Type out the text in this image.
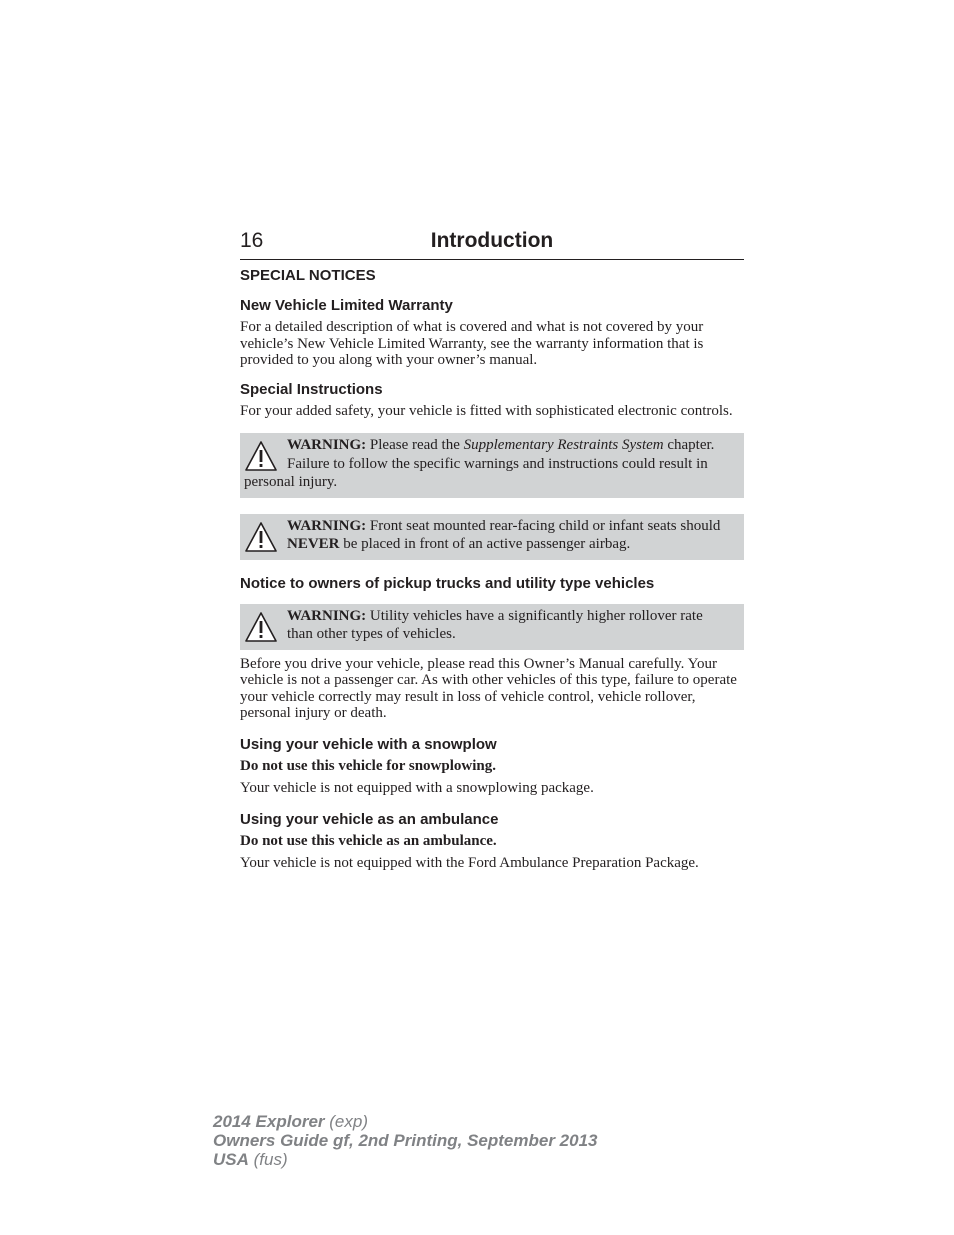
16	Introduction
SPECIAL NOTICES
New Vehicle Limited Warranty
For a detailed description of what is covered and what is not covered by your vehicle’s New Vehicle Limited Warranty, see the warranty information that is provided to you along with your owner’s manual.
Special Instructions
For your added safety, your vehicle is fitted with sophisticated electronic controls.
WARNING: Please read the Supplementary Restraints System chapter. Failure to follow the specific warnings and instructions could result in personal injury.
WARNING: Front seat mounted rear-facing child or infant seats should NEVER be placed in front of an active passenger airbag.
Notice to owners of pickup trucks and utility type vehicles
WARNING: Utility vehicles have a significantly higher rollover rate than other types of vehicles.
Before you drive your vehicle, please read this Owner’s Manual carefully. Your vehicle is not a passenger car. As with other vehicles of this type, failure to operate your vehicle correctly may result in loss of vehicle control, vehicle rollover, personal injury or death.
Using your vehicle with a snowplow
Do not use this vehicle for snowplowing.
Your vehicle is not equipped with a snowplowing package.
Using your vehicle as an ambulance
Do not use this vehicle as an ambulance.
Your vehicle is not equipped with the Ford Ambulance Preparation Package.
2014 Explorer (exp)
Owners Guide gf, 2nd Printing, September 2013
USA (fus)
